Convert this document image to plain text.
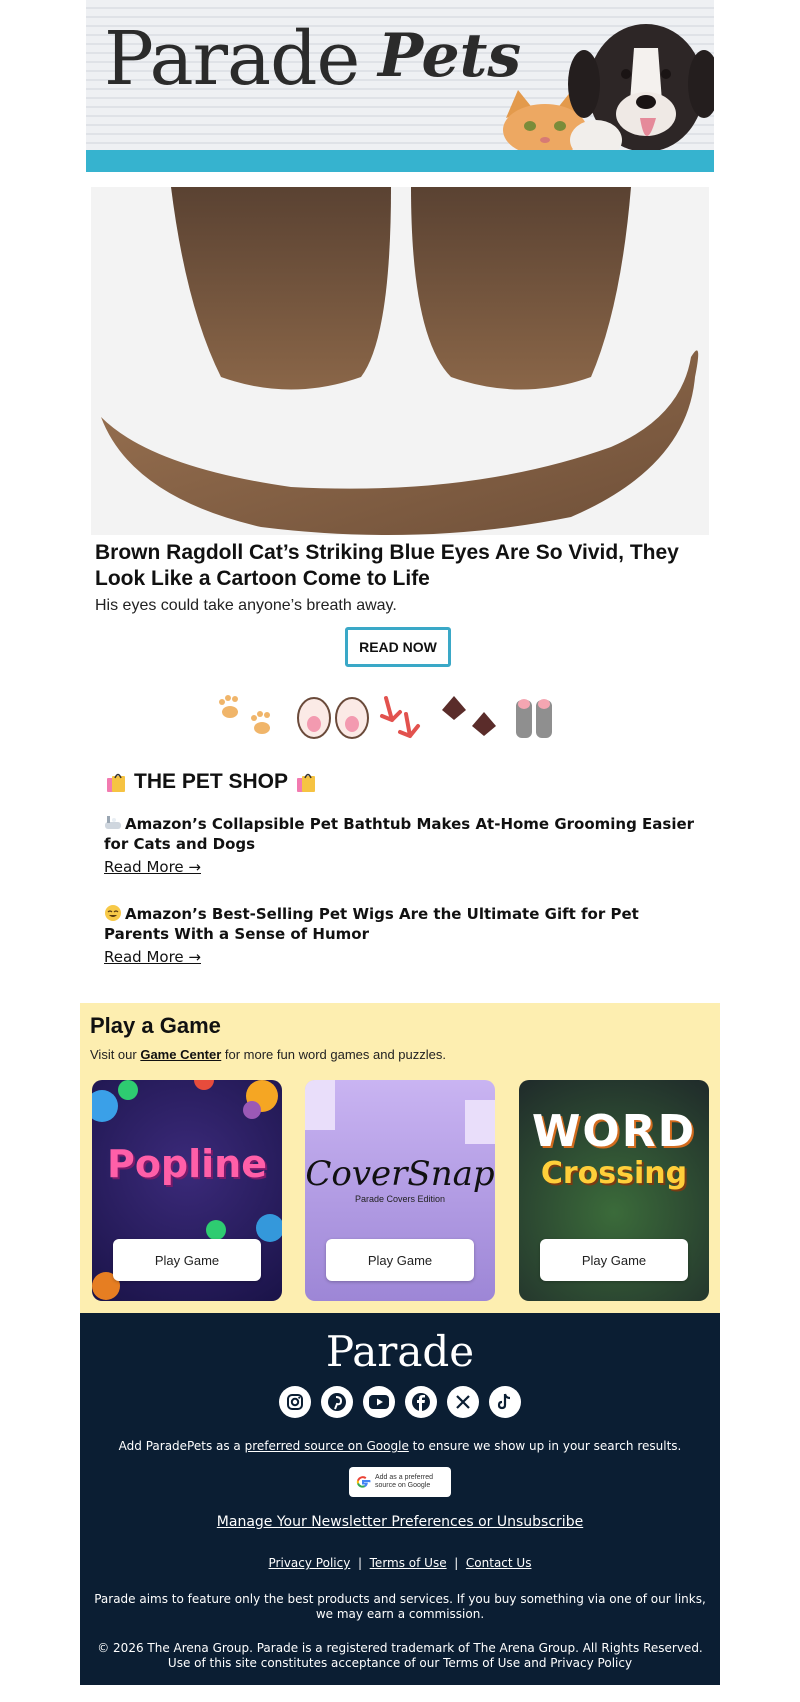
Parade Pets
Brown Ragdoll Cat’s Striking Blue Eyes Are So Vivid, They Look Like a Cartoon Come to Life
His eyes could take anyone’s breath away.
READ NOW
THE PET SHOP
Amazon’s Collapsible Pet Bathtub Makes At-Home Grooming Easier for Cats and Dogs
Read More →
Amazon’s Best-Selling Pet Wigs Are the Ultimate Gift for Pet Parents With a Sense of Humor
Read More →
Play a Game
Visit our Game Center for more fun word games and puzzles.
Popline
Play Game
CoverSnap
Parade Covers Edition
Play Game
WORD
Crossing
Play Game
Parade
Add ParadePets as a preferred source on Google to ensure we show up in your search results.
Add as a preferred
source on Google
Manage Your Newsletter Preferences or Unsubscribe
Privacy Policy | Terms of Use | Contact Us
Parade aims to feature only the best products and services. If you buy something via one of our links, we may earn a commission.
© 2026 The Arena Group. Parade is a registered trademark of The Arena Group. All Rights Reserved. Use of this site constitutes acceptance of our Terms of Use and Privacy Policy
